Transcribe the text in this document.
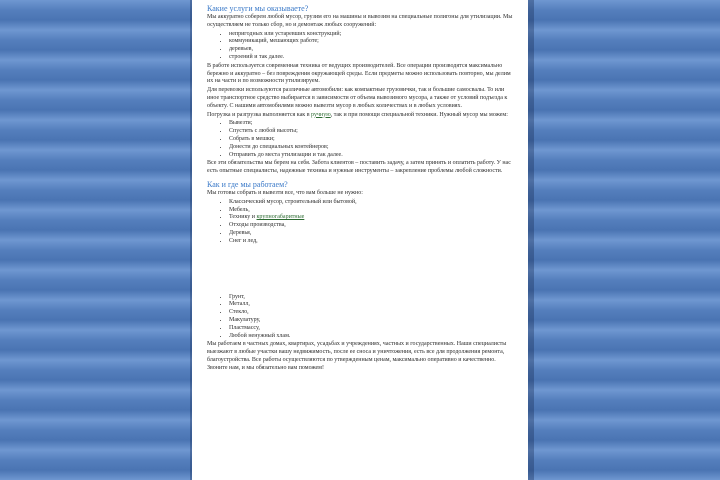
Какие услуги мы оказываете?

Мы аккуратно соберем любой мусор, грузим его на машины и вывозим на специальные полигоны для утилизации. Мы осуществляем не только сбор, но и демонтаж любых сооружений:

• непригодных или устаревших конструкций;
• коммуникаций, мешающих работе;
• деревьев,
• строений и так далее.

В работе используется современная техника от ведущих производителей. Все операции производятся максимально бережно и аккуратно – без повреждения окружающей среды. Если предметы можно использовать повторно, мы делим их на части и по возможности утилизируем.

Для перевозки используются различные автомобили: как компактные грузовички, так и большие самосвалы. То или иное транспортное средство выбирается в зависимости от объема вывозимого мусора, а также от условий подъезда к объекту. С нашими автомобилями можно вывезти мусор в любых количествах и в любых условиях.

Погрузка и разгрузка выполняется как в ручную, так и при помощи специальной техники. Нужный мусор мы можем:

• Вывезти;
• Спустить с любой высоты;
• Собрать в мешки;
• Донести до специальных контейнеров;
• Отправить до места утилизации и так далее.

Все эти обязательства мы берем на себя. Забота клиентов – поставить задачу, а затем принять и оплатить работу. У нас есть опытные специалисты, надежные техника и нужные инструменты – закрепление проблемы любой сложности.

Как и где мы работаем?

Мы готовы собрать и вывезти все, что вам больше не нужно:

• Классический мусор, строительный или бытовой,
• Мебель,
• Технику и крупногабаритные
• Отходы производства,
• Деревья,
• Снег и лед,
• Грунт,
• Металл,
• Стекло,
• Макулатуру,
• Пластмассу,
• Любой ненужный хлам.

Мы работаем в частных домах, квартирах, усадьбах и учреждениях, частных и государственных. Наши специалисты выезжают в любые участки вашу недвижимость, после ее сноса и уничтожения, есть все для продолжения ремонта, благоустройства. Все работы осуществляются по утвержденным ценам, максимально оперативно и качественно. Звоните нам, и мы обязательно вам поможем!
